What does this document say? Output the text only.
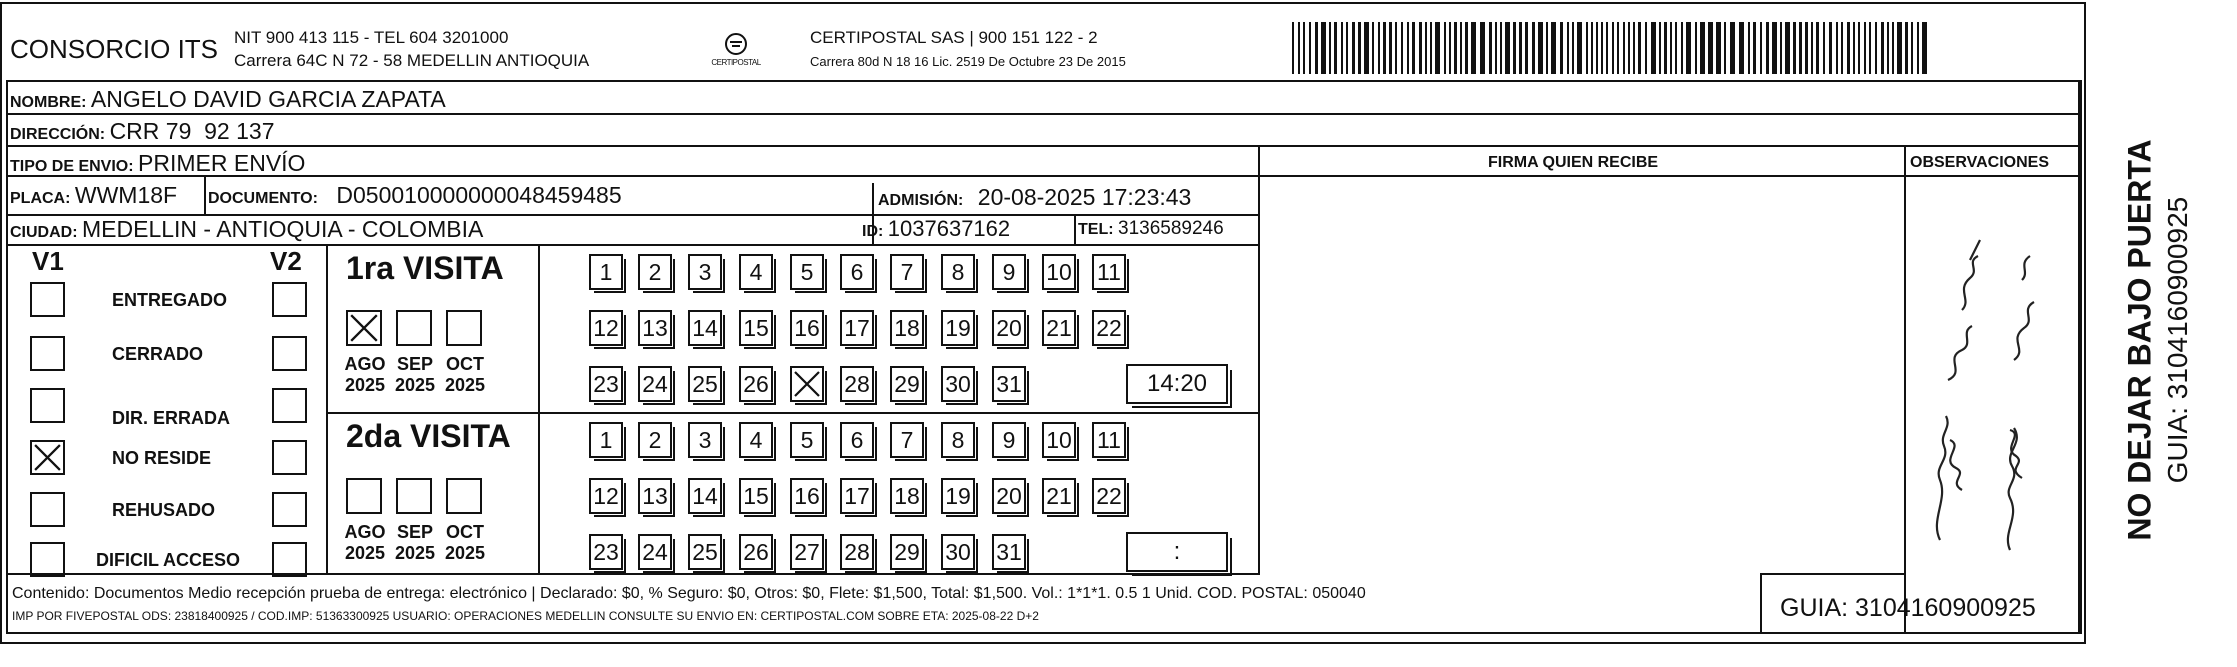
CONSORCIO ITS NIT 900 413 115 - TEL 604 3201000
Carrera 64C N 72 - 58 MEDELLIN ANTIOQUIA	CERTIPOSTAL
CERTIPOSTAL SAS | 900 151 122 - 2
Carrera 80d N 18 16 Lic. 2519 De Octubre 23 De 2015
NOMBRE: ANGELO DAVID GARCIA ZAPATA
DIRECCIÓN: CRR 79  92 137
TIPO DE ENVIO: PRIMER ENVÍO	FIRMA QUIEN RECIBE	OBSERVACIONES
PLACA: WWM18F DOCUMENTO: D050010000000048459485	ADMISIÓN: 20-08-2025 17:23:43
CIUDAD: MEDELLIN - ANTIOQUIA - COLOMBIA	ID: 1037637162	TEL: 3136589246
V1	V2
ENTREGADO
CERRADO
DIR. ERRADA
NO RESIDE
REHUSADO
DIFICIL ACCESO
1ra VISITA
AGO
2025
SEP
2025
OCT
2025
1	2	3	4	5	6	7	8	9	10 11
12 13 14 15 16 17 18 19 20 21 22
23 24 25 26	28 29 30 31	14:20
2da VISITA
AGO
2025
SEP
2025
OCT
2025
1	2	3	4	5	6	7	8	9	10 11
12 13 14 15 16 17 18 19 20 21 22
23 24 25 26 27 28 29 30 31	:
Contenido: Documentos Medio recepción prueba de entrega: electrónico | Declarado: $0, % Seguro: $0, Otros: $0, Flete: $1,500, Total: $1,500. Vol.: 1*1*1. 0.5 1 Unid. COD. POSTAL: 050040
IMP POR FIVEPOSTAL ODS: 23818400925 / COD.IMP: 51363300925 USUARIO: OPERACIONES MEDELLIN CONSULTE SU ENVIO EN: CERTIPOSTAL.COM SOBRE ETA: 2025-08-22 D+2	GUIA: 3104160900925
NO DEJAR BAJO PUERTA GUIA: 3104160900925
